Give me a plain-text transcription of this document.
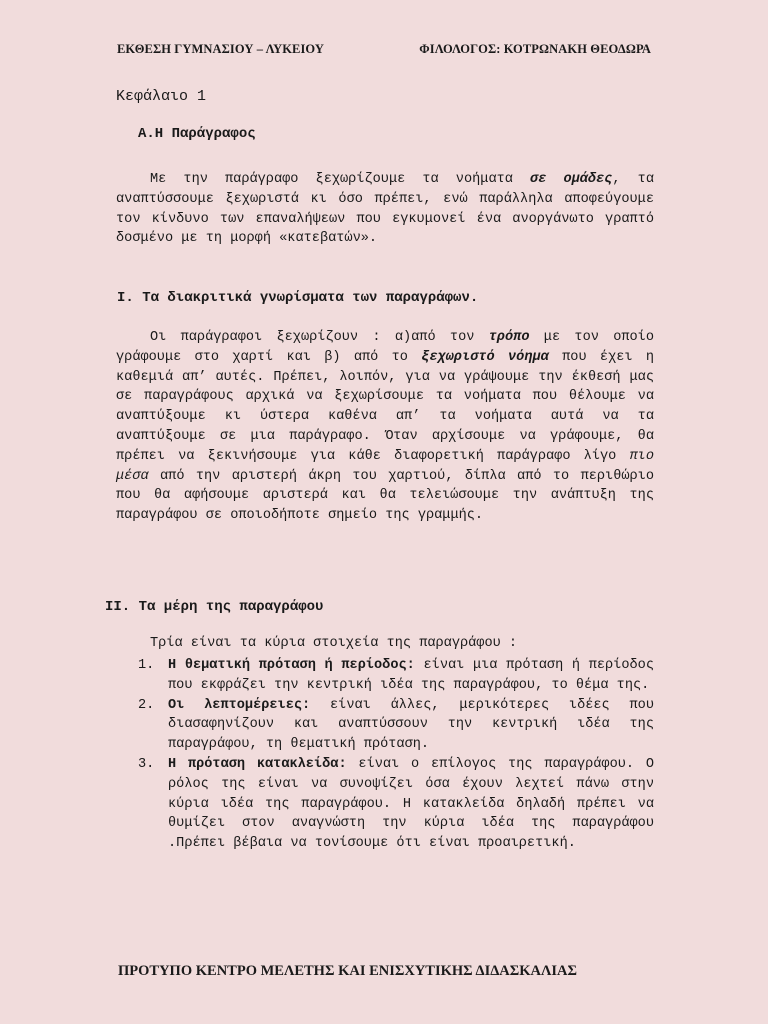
ΕΚΘΕΣΗ ΓΥΜΝΑΣΙΟΥ – ΛΥΚΕΙΟΥ	ΦΙΛΟΛΟΓΟΣ: ΚΟΤΡΩΝΑΚΗ ΘΕΟΔΩΡΑ
Κεφάλαιο 1
Α.Η Παράγραφος

Με την παράγραφο ξεχωρίζουμε τα νοήματα σε ομάδες, τα αναπτύσσουμε ξεχωριστά κι όσο πρέπει, ενώ παράλληλα αποφεύγουμε τον κίνδυνο των επαναλήψεων που εγκυμονεί ένα ανοργάνωτο γραπτό δοσμένο με τη μορφή «κατεβατών».

Ι. Τα διακριτικά γνωρίσματα των παραγράφων.

Οι παράγραφοι ξεχωρίζουν : α)από τον τρόπο με τον οποίο γράφουμε στο χαρτί και β) από το ξεχωριστό νόημα που έχει η καθεμιά απ’ αυτές. Πρέπει, λοιπόν, για να γράψουμε την έκθεσή μας σε παραγράφους αρχικά να ξεχωρίσουμε τα νοήματα που θέλουμε να αναπτύξουμε κι ύστερα καθένα απ’ τα νοήματα αυτά να τα αναπτύξουμε σε μια παράγραφο. Όταν αρχίσουμε να γράφουμε, θα πρέπει να ξεκινήσουμε για κάθε διαφορετική παράγραφο λίγο πιο μέσα από την αριστερή άκρη του χαρτιού, δίπλα από το περιθώριο που θα αφήσουμε αριστερά και θα τελειώσουμε την ανάπτυξη της παραγράφου σε οποιοδήποτε σημείο της γραμμής.

ΙΙ. Τα μέρη της παραγράφου
Τρία είναι τα κύρια στοιχεία της παραγράφου :
1.	Η θεματική πρόταση ή περίοδος: είναι μια πρόταση ή περίοδος που εκφράζει την κεντρική ιδέα της παραγράφου, το θέμα της.
2.	Οι λεπτομέρειες: είναι άλλες, μερικότερες ιδέες που διασαφηνίζουν και αναπτύσσουν την κεντρική ιδέα της παραγράφου, τη θεματική πρόταση.
3.	Η πρόταση κατακλείδα: είναι ο επίλογος της παραγράφου. Ο ρόλος της είναι να συνοψίζει όσα έχουν λεχτεί πάνω στην κύρια ιδέα της παραγράφου. Η κατακλείδα δηλαδή πρέπει να θυμίζει στον αναγνώστη την κύρια ιδέα της παραγράφου .Πρέπει βέβαια να τονίσουμε ότι είναι προαιρετική.
ΠΡΟΤΥΠΟ ΚΕΝΤΡΟ ΜΕΛΕΤΗΣ ΚΑΙ ΕΝΙΣΧΥΤΙΚΗΣ ΔΙΔΑΣΚΑΛΙΑΣ
